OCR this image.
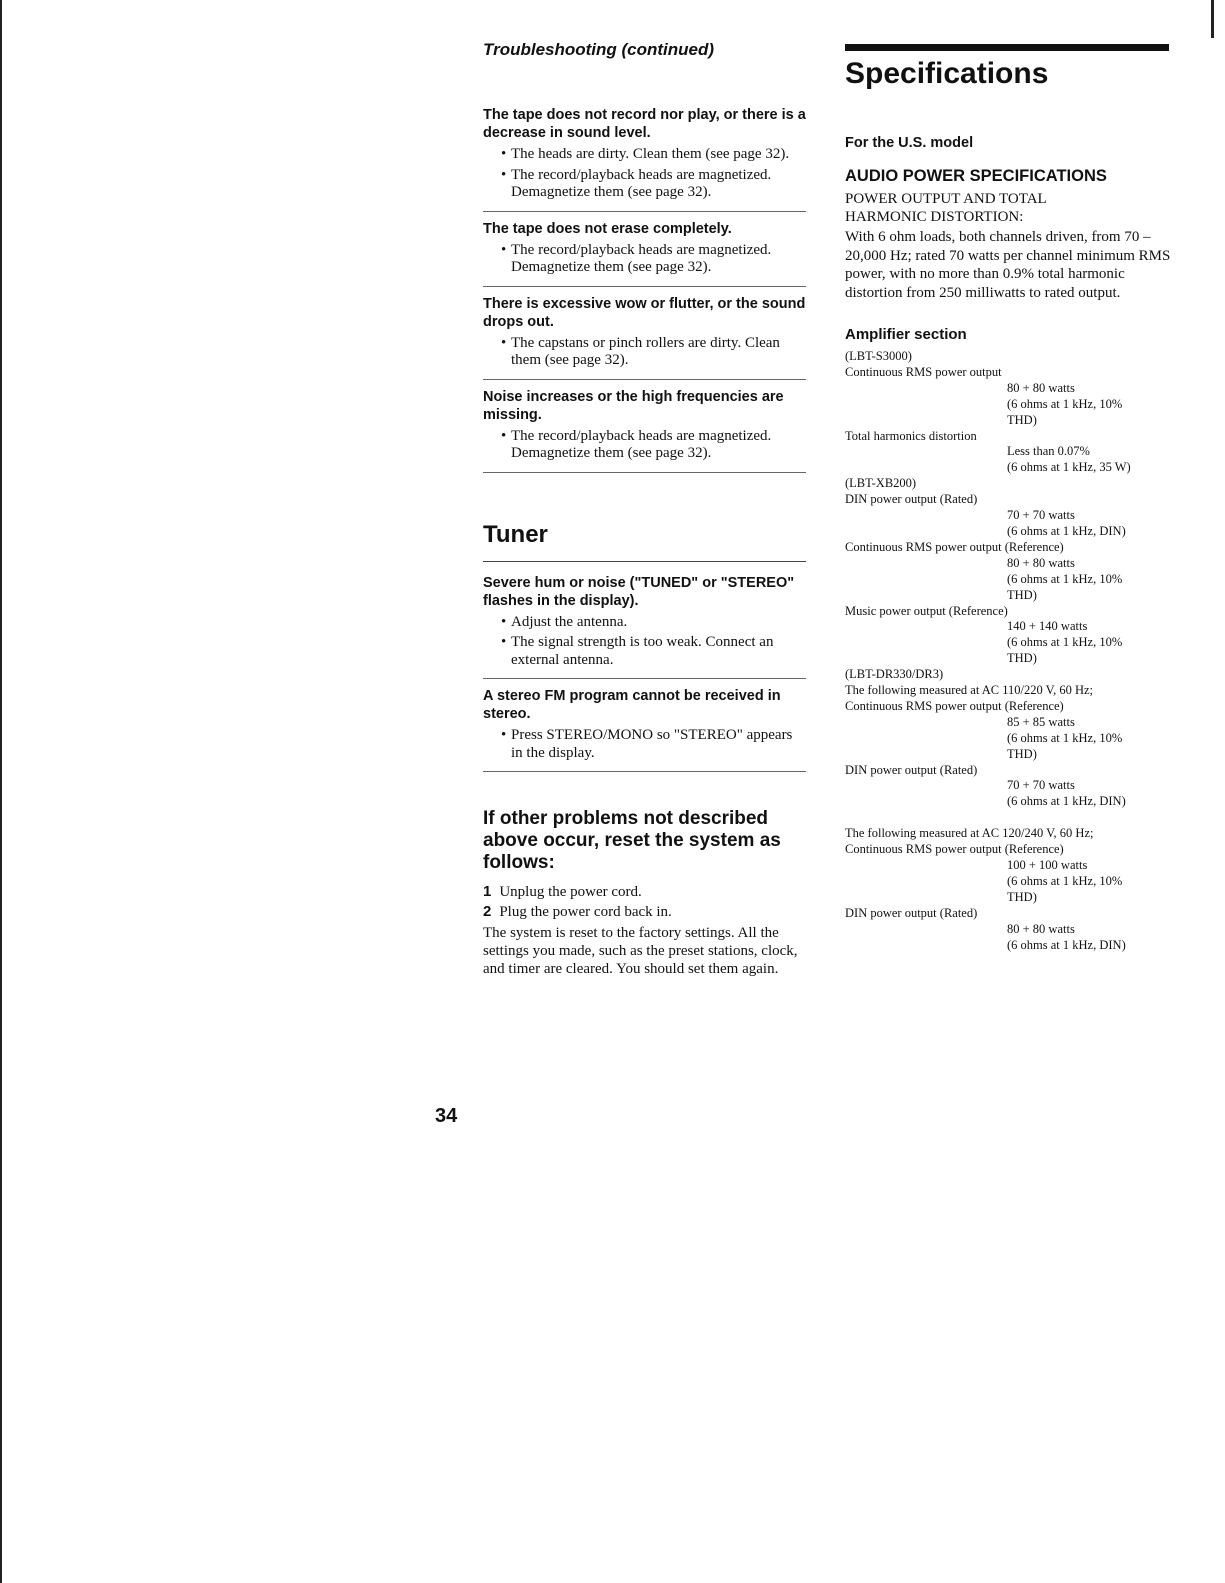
Troubleshooting (continued)

The tape does not record nor play, or there is a decrease in sound level.

• The heads are dirty. Clean them (see page 32).
• The record/playback heads are magnetized. Demagnetize them (see page 32).

The tape does not erase completely.

• The record/playback heads are magnetized. Demagnetize them (see page 32).

There is excessive wow or flutter, or the sound drops out.

• The capstans or pinch rollers are dirty. Clean them (see page 32).

Noise increases or the high frequencies are missing.

• The record/playback heads are magnetized. Demagnetize them (see page 32).
Tuner

Severe hum or noise ("TUNED" or "STEREO" flashes in the display).

• Adjust the antenna.
• The signal strength is too weak. Connect an external antenna.

A stereo FM program cannot be received in stereo.

• Press STEREO/MONO so "STEREO" appears in the display.
If other problems not described above occur, reset the system as follows:
1 Unplug the power cord.
2 Plug the power cord back in.

The system is reset to the factory settings. All the settings you made, such as the preset stations, clock, and timer are cleared. You should set them again.

34
Specifications

For the U.S. model

AUDIO POWER SPECIFICATIONS

POWER OUTPUT AND TOTAL HARMONIC DISTORTION:

With 6 ohm loads, both channels driven, from 70 – 20,000 Hz; rated 70 watts per channel minimum RMS power, with no more than 0.9% total harmonic distortion from 250 milliwatts to rated output.

Amplifier section

(LBT-S3000)
Continuous RMS power output
80 + 80 watts
(6 ohms at 1 kHz, 10%
THD)
Total harmonics distortion
Less than 0.07%
(6 ohms at 1 kHz, 35 W)
(LBT-XB200)
DIN power output (Rated)
70 + 70 watts
(6 ohms at 1 kHz, DIN)
Continuous RMS power output (Reference)
80 + 80 watts
(6 ohms at 1 kHz, 10%
THD)
Music power output (Reference)
140 + 140 watts
(6 ohms at 1 kHz, 10%
THD)
(LBT-DR330/DR3)
The following measured at AC 110/220 V, 60 Hz;
Continuous RMS power output (Reference)
85 + 85 watts
(6 ohms at 1 kHz, 10%
THD)
DIN power output (Rated)
70 + 70 watts
(6 ohms at 1 kHz, DIN)
The following measured at AC 120/240 V, 60 Hz;
Continuous RMS power output (Reference)
100 + 100 watts
(6 ohms at 1 kHz, 10%
THD)
DIN power output (Rated)
80 + 80 watts
(6 ohms at 1 kHz, DIN)
